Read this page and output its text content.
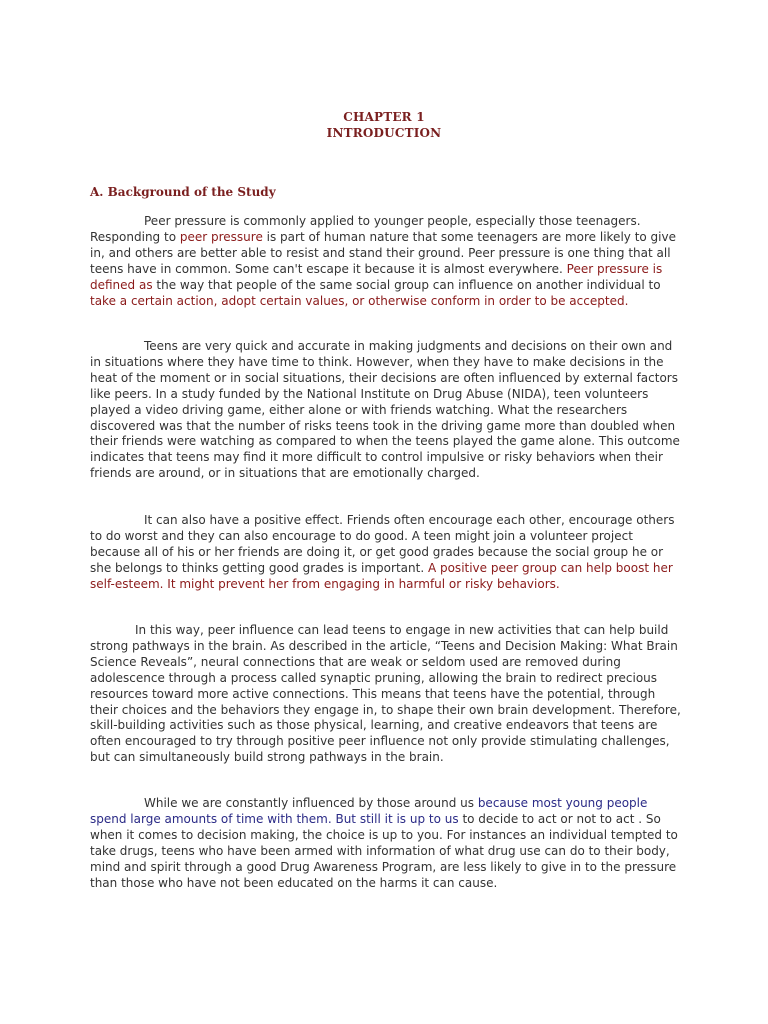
CHAPTER 1
INTRODUCTION
A. Background of the Study

Peer pressure is commonly applied to younger people, especially those teenagers. Responding to peer pressure is part of human nature that some teenagers are more likely to give in, and others are better able to resist and stand their ground. Peer pressure is one thing that all teens have in common. Some can't escape it because it is almost everywhere. Peer pressure is defined as the way that people of the same social group can influence on another individual to take a certain action, adopt certain values, or otherwise conform in order to be accepted.

Teens are very quick and accurate in making judgments and decisions on their own and in situations where they have time to think. However, when they have to make decisions in the heat of the moment or in social situations, their decisions are often influenced by external factors like peers. In a study funded by the National Institute on Drug Abuse (NIDA), teen volunteers played a video driving game, either alone or with friends watching. What the researchers discovered was that the number of risks teens took in the driving game more than doubled when their friends were watching as compared to when the teens played the game alone. This outcome indicates that teens may find it more difficult to control impulsive or risky behaviors when their friends are around, or in situations that are emotionally charged.

It can also have a positive effect. Friends often encourage each other, encourage others to do worst and they can also encourage to do good. A teen might join a volunteer project because all of his or her friends are doing it, or get good grades because the social group he or she belongs to thinks getting good grades is important. A positive peer group can help boost her self-esteem. It might prevent her from engaging in harmful or risky behaviors.

In this way, peer influence can lead teens to engage in new activities that can help build strong pathways in the brain. As described in the article, “Teens and Decision Making: What Brain Science Reveals”, neural connections that are weak or seldom used are removed during adolescence through a process called synaptic pruning, allowing the brain to redirect precious resources toward more active connections. This means that teens have the potential, through their choices and the behaviors they engage in, to shape their own brain development. Therefore, skill-building activities such as those physical, learning, and creative endeavors that teens are often encouraged to try through positive peer influence not only provide stimulating challenges, but can simultaneously build strong pathways in the brain.

While we are constantly influenced by those around us because most young people spend large amounts of time with them. But still it is up to us to decide to act or not to act . So when it comes to decision making, the choice is up to you. For instances an individual tempted to take drugs, teens who have been armed with information of what drug use can do to their body, mind and spirit through a good Drug Awareness Program, are less likely to give in to the pressure than those who have not been educated on the harms it can cause.
